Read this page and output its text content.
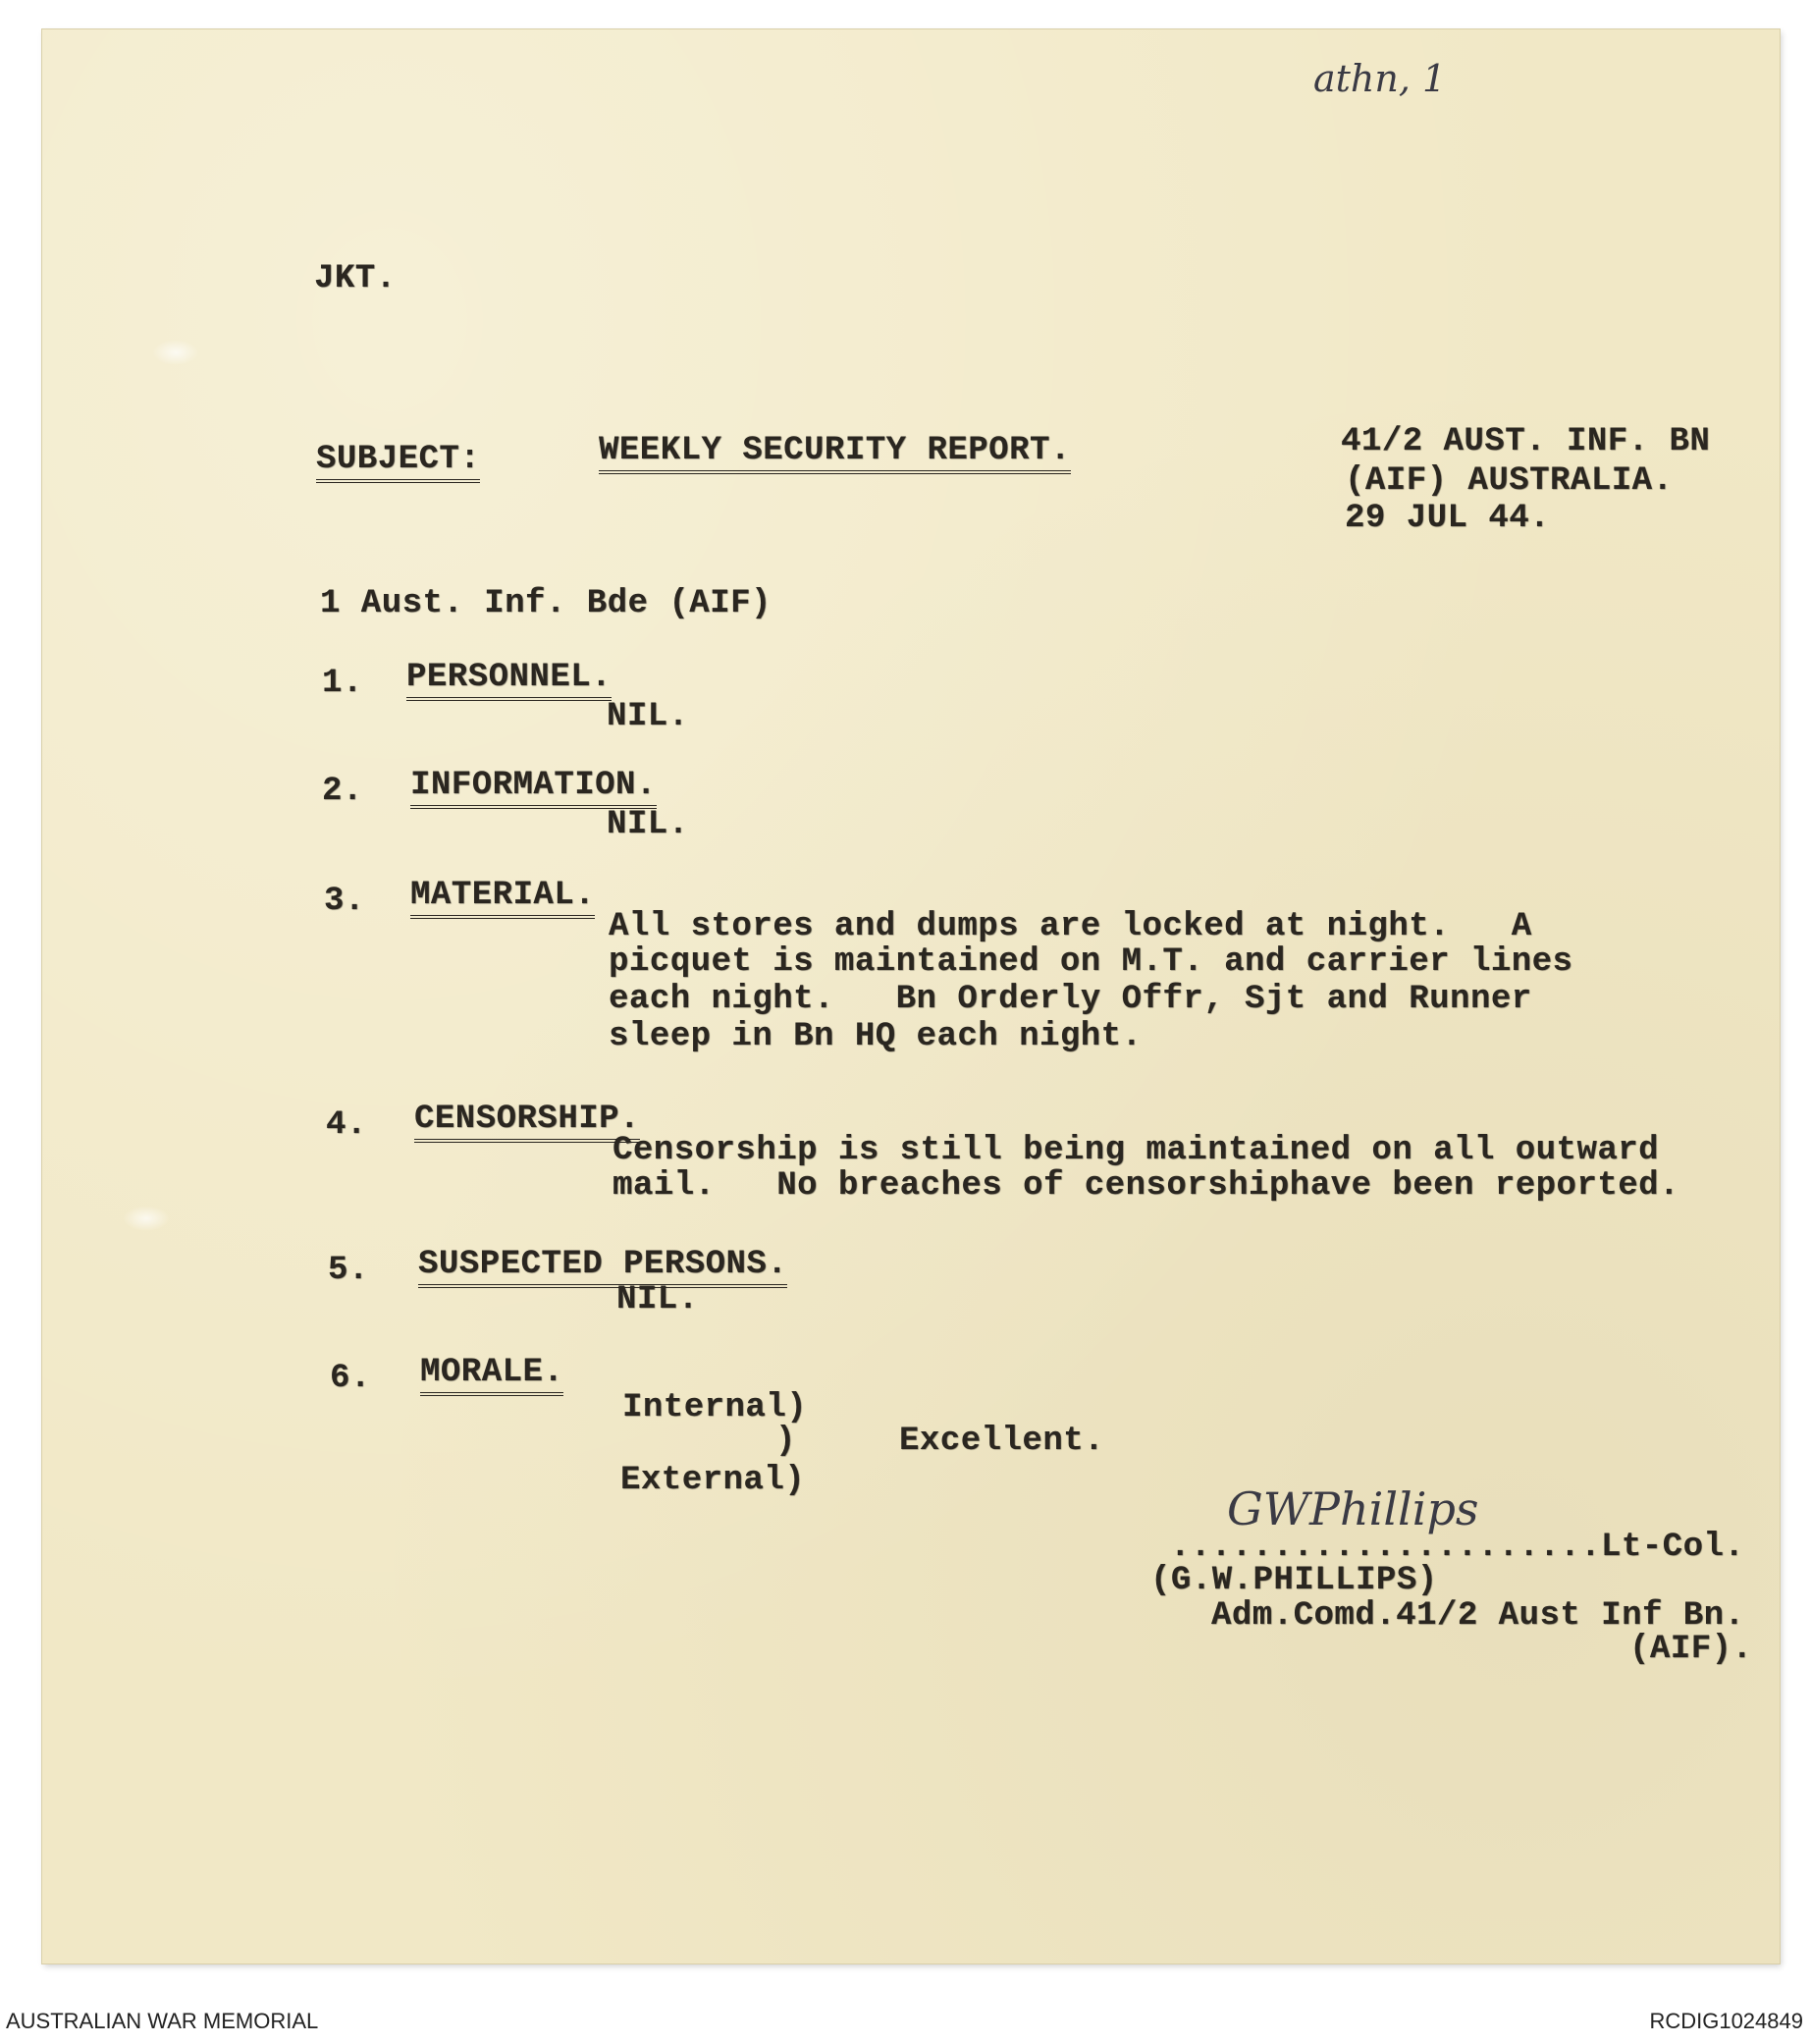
athn, 1
JKT.
SUBJECT:	WEEKLY SECURITY REPORT.	41/2 AUST. INF. BN
(AIF) AUSTRALIA.
29 JUL 44.
1 Aust. Inf. Bde (AIF)
1. PERSONNEL.
NIL.
2. INFORMATION.
NIL.
3. MATERIAL.
All stores and dumps are locked at night.   A
picquet is maintained on M.T. and carrier lines
each night.   Bn Orderly Offr, Sjt and Runner
sleep in Bn HQ each night.
4. CENSORSHIP.
Censorship is still being maintained on all outward
mail.   No breaches of censorshiphave been reported.
5. SUSPECTED PERSONS.
NIL.
6. MORALE.
Internal)
)
External)
Excellent.
GWPhillips
.....................Lt-Col.
(G.W.PHILLIPS)
Adm.Comd.41/2 Aust Inf Bn.
(AIF).
AUSTRALIAN WAR MEMORIAL	RCDIG1024849
